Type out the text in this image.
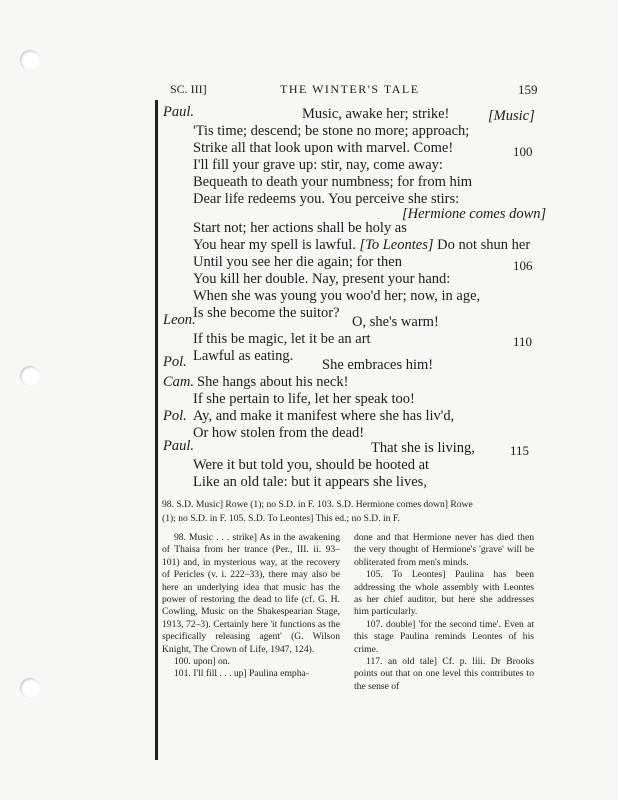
SC. III]	THE WINTER'S TALE	159
Paul.	Music, awake her; strike!	[Music]
'Tis time; descend; be stone no more; approach;
Strike all that look upon with marvel. Come!	100
I'll fill your grave up: stir, nay, come away:
Bequeath to death your numbness; for from him
Dear life redeems you. You perceive she stirs:
[Hermione comes down]
Start not; her actions shall be holy as
You hear my spell is lawful. [To Leontes] Do not shun her
Until you see her die again; for then	106
You kill her double. Nay, present your hand:
When she was young you woo'd her; now, in age,
Is she become the suitor?
Leon.	O, she's warm!
If this be magic, let it be an art	110
Lawful as eating.
Pol.	She embraces him!
Cam. She hangs about his neck!
If she pertain to life, let her speak too!
Pol. Ay, and make it manifest where she has liv'd,
Or how stolen from the dead!
Paul.	That she is living,	115
Were it but told you, should be hooted at
Like an old tale: but it appears she lives,
98. S.D. Music] Rowe (1); no S.D. in F. 103. S.D. Hermione comes down] Rowe
(1); no S.D. in F. 105. S.D. To Leontes] This ed.; no S.D. in F.

98. Music . . . strike] As in the awakening of Thaisa from her trance (Per., III. ii. 93–101) and, in mysterious way, at the recovery of Pericles (v. i. 222–33), there may also be here an underlying idea that music has the power of restoring the dead to life (cf. G. H. Cowling, Music on the Shakespearian Stage, 1913, 72–3). Certainly here 'it functions as the specifically releasing agent' (G. Wilson Knight, The Crown of Life, 1947, 124).

100. upon] on.

101. I'll fill . . . up] Paulina empha-

done and that Hermione never has died then the very thought of Hermione's 'grave' will be obliterated from men's minds.

105. To Leontes] Paulina has been addressing the whole assembly with Leontes as her chief auditor, but here she addresses him particularly.

107. double] 'for the second time'. Even at this stage Paulina reminds Leontes of his crime.

117. an old tale] Cf. p. liii. Dr Brooks points out that on one level this contributes to the sense of
